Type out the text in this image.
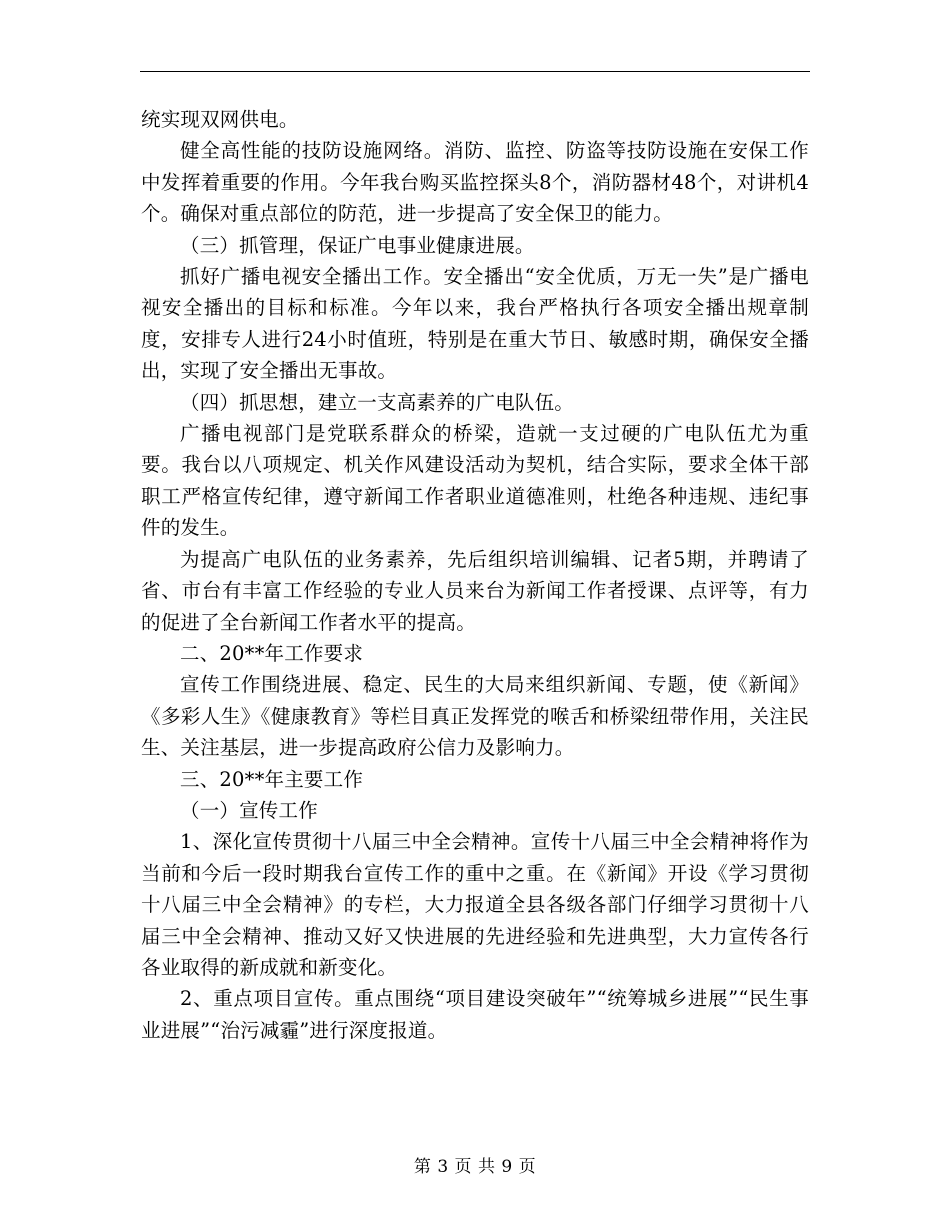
统实现双网供电。

健全高性能的技防设施网络。消防、监控、防盗等技防设施在安保工作中发挥着重要的作用。今年我台购买监控探头8个，消防器材48个，对讲机4个。确保对重点部位的防范，进一步提高了安全保卫的能力。

（三）抓管理，保证广电事业健康进展。

抓好广播电视安全播出工作。安全播出“安全优质，万无一失”是广播电视安全播出的目标和标准。今年以来，我台严格执行各项安全播出规章制度，安排专人进行24小时值班，特别是在重大节日、敏感时期，确保安全播出，实现了安全播出无事故。

（四）抓思想，建立一支高素养的广电队伍。

广播电视部门是党联系群众的桥梁，造就一支过硬的广电队伍尤为重要。我台以八项规定、机关作风建设活动为契机，结合实际，要求全体干部职工严格宣传纪律，遵守新闻工作者职业道德准则，杜绝各种违规、违纪事件的发生。

为提高广电队伍的业务素养，先后组织培训编辑、记者5期，并聘请了省、市台有丰富工作经验的专业人员来台为新闻工作者授课、点评等，有力的促进了全台新闻工作者水平的提高。

二、20**年工作要求

宣传工作围绕进展、稳定、民生的大局来组织新闻、专题，使《新闻》《多彩人生》《健康教育》等栏目真正发挥党的喉舌和桥梁纽带作用，关注民生、关注基层，进一步提高政府公信力及影响力。

三、20**年主要工作

（一）宣传工作

1、深化宣传贯彻十八届三中全会精神。宣传十八届三中全会精神将作为当前和今后一段时期我台宣传工作的重中之重。在《新闻》开设《学习贯彻十八届三中全会精神》的专栏，大力报道全县各级各部门仔细学习贯彻十八届三中全会精神、推动又好又快进展的先进经验和先进典型，大力宣传各行各业取得的新成就和新变化。

2、重点项目宣传。重点围绕“项目建设突破年”“统筹城乡进展”“民生事业进展”“治污减霾”进行深度报道。

第 3 页 共 9 页
